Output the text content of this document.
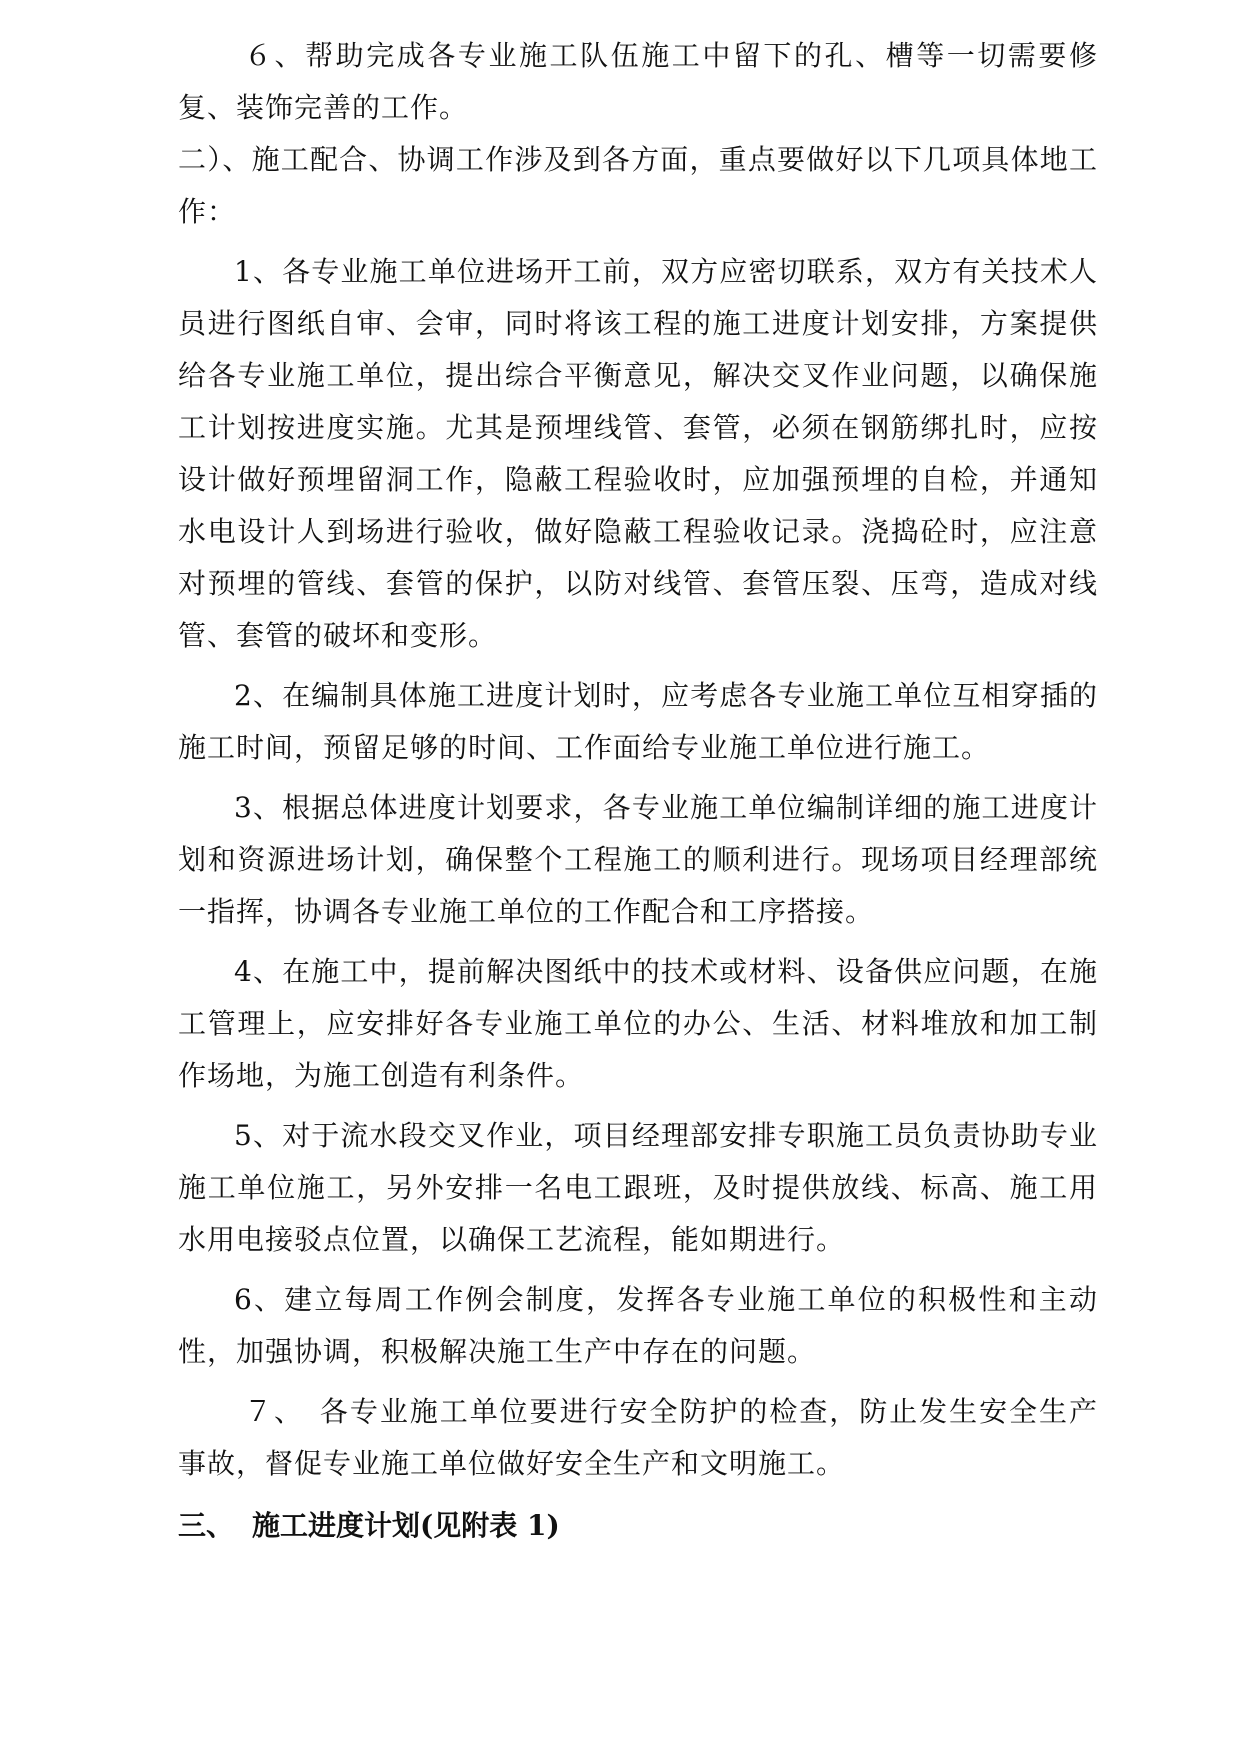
６、帮助完成各专业施工队伍施工中留下的孔、槽等一切需要修复、装饰完善的工作。

二）、施工配合、协调工作涉及到各方面，重点要做好以下几项具体地工作：

1、各专业施工单位进场开工前，双方应密切联系，双方有关技术人员进行图纸自审、会审，同时将该工程的施工进度计划安排，方案提供给各专业施工单位，提出综合平衡意见，解决交叉作业问题，以确保施工计划按进度实施。尤其是预埋线管、套管，必须在钢筋绑扎时，应按设计做好预埋留洞工作，隐蔽工程验收时，应加强预埋的自检，并通知水电设计人到场进行验收，做好隐蔽工程验收记录。浇捣砼时，应注意对预埋的管线、套管的保护，以防对线管、套管压裂、压弯，造成对线管、套管的破坏和变形。

2、在编制具体施工进度计划时，应考虑各专业施工单位互相穿插的施工时间，预留足够的时间、工作面给专业施工单位进行施工。

3、根据总体进度计划要求，各专业施工单位编制详细的施工进度计划和资源进场计划，确保整个工程施工的顺利进行。现场项目经理部统一指挥，协调各专业施工单位的工作配合和工序搭接。

4、在施工中，提前解决图纸中的技术或材料、设备供应问题，在施工管理上，应安排好各专业施工单位的办公、生活、材料堆放和加工制作场地，为施工创造有利条件。

5、对于流水段交叉作业，项目经理部安排专职施工员负责协助专业施工单位施工，另外安排一名电工跟班，及时提供放线、标高、施工用水用电接驳点位置，以确保工艺流程，能如期进行。

6、建立每周工作例会制度，发挥各专业施工单位的积极性和主动性，加强协调，积极解决施工生产中存在的问题。

７、　各专业施工单位要进行安全防护的检查，防止发生安全生产事故，督促专业施工单位做好安全生产和文明施工。

三、 施工进度计划(见附表 1)
